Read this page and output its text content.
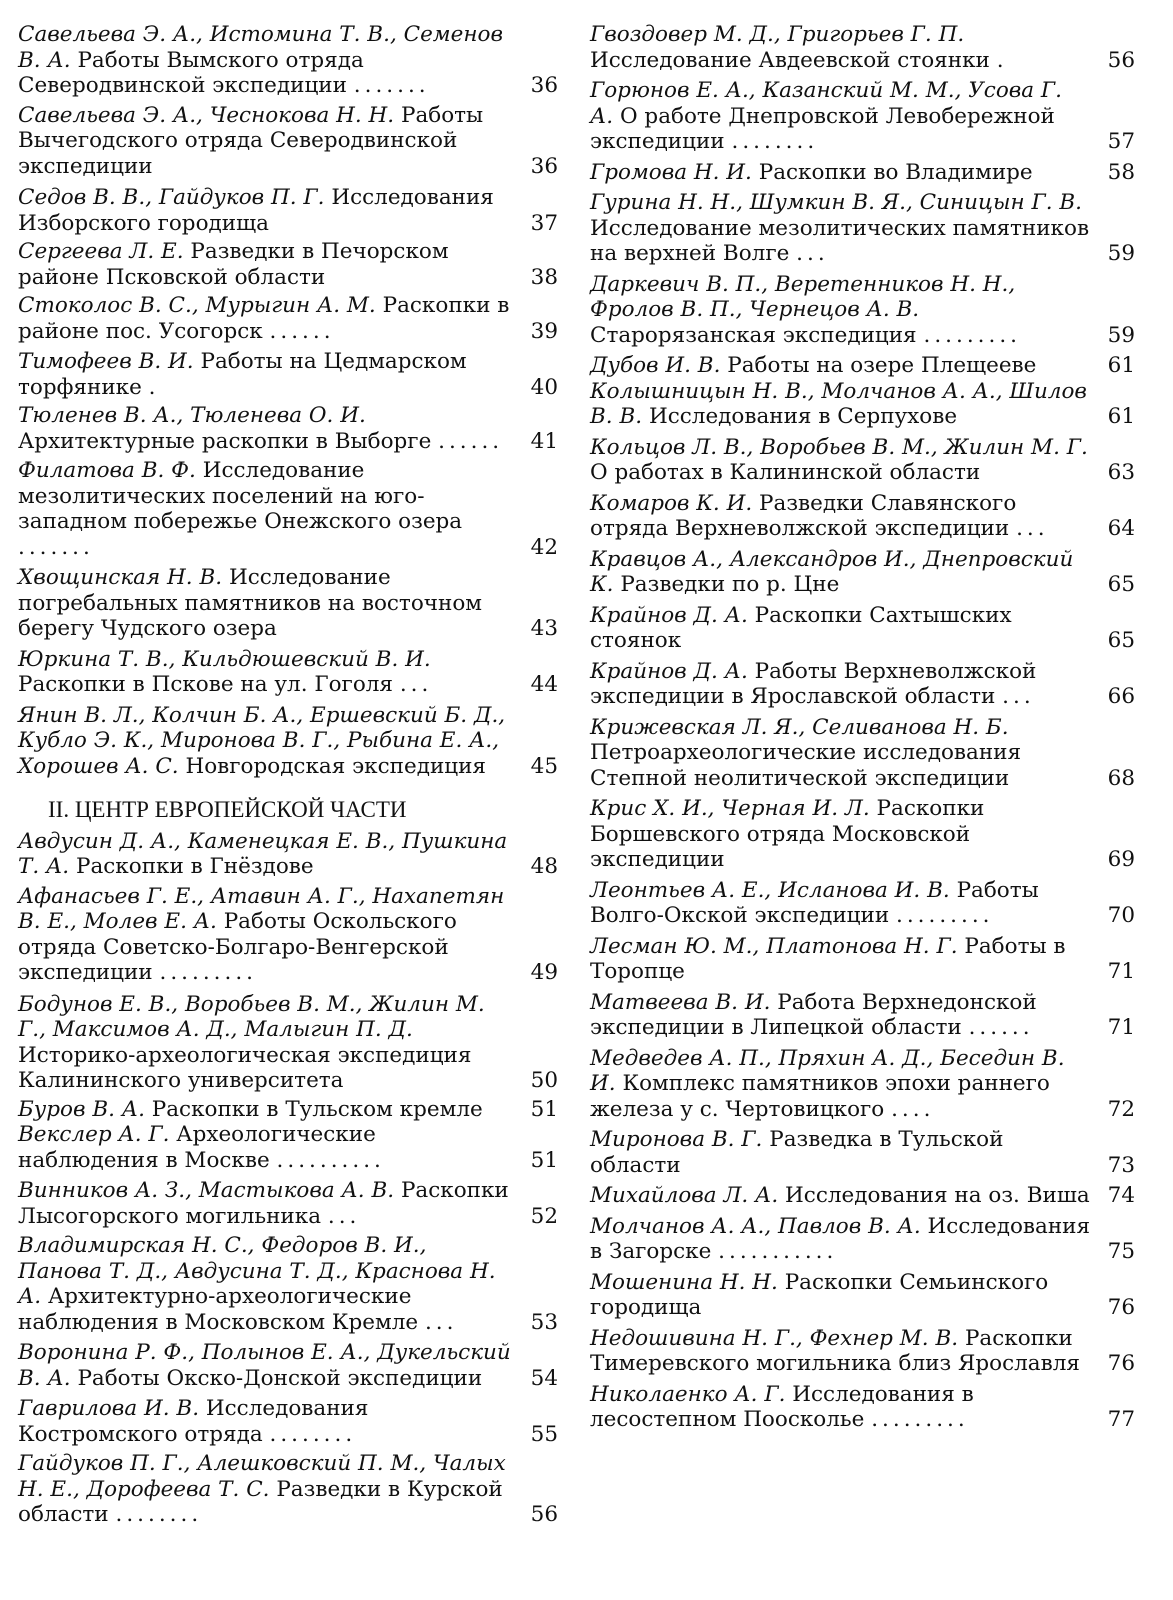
Савельева Э. А., Истомина Т. В., Семенов В. А. Работы Вымского отряда Северодвинской экспедиции .......	36
Савельева Э. А., Чеснокова Н. Н. Работы Вычегодского отряда Северодвинской экспедиции	36
Седов В. В., Гайдуков П. Г. Исследования Изборского городища	37
Сергеева Л. Е. Разведки в Печорском районе Псковской области	38
Стоколос В. С., Мурыгин А. М. Раскопки в районе пос. Усогорск ......	39
Тимофеев В. И. Работы на Цедмарском торфянике .	40
Тюленев В. А., Тюленева О. И. Архитектурные раскопки в Выборге ......	41
Филатова В. Ф. Исследование мезолитических поселений на юго-западном побережье Онежского озера .......	42
Хвощинская Н. В. Исследование погребальных памятников на восточном берегу Чудского озера	43
Юркина Т. В., Кильдюшевский В. И. Раскопки в Пскове на ул. Гоголя ...	44
Янин В. Л., Колчин Б. А., Ершевский Б. Д., Кубло Э. К., Миронова В. Г., Рыбина Е. А., Хорошев А. С. Новгородская экспедиция	45
II. ЦЕНТР ЕВРОПЕЙСКОЙ ЧАСТИ
Авдусин Д. А., Каменецкая Е. В., Пушкина Т. А. Раскопки в Гнёздове	48
Афанасьев Г. Е., Атавин А. Г., Нахапетян В. Е., Молев Е. А. Работы Оскольского отряда Советско-Болгаро-Венгерской экспедиции .........	49
Бодунов Е. В., Воробьев В. М., Жилин М. Г., Максимов А. Д., Малыгин П. Д. Историко-археологическая экспедиция Калининского университета	50
Буров В. А. Раскопки в Тульском кремле	51
Векслер А. Г. Археологические наблюдения в Москве ..........	51
Винников А. З., Мастыкова А. В. Раскопки Лысогорского могильника ...	52
Владимирская Н. С., Федоров В. И., Панова Т. Д., Авдусина Т. Д., Краснова Н. А. Архитектурно-археологические наблюдения в Московском Кремле ...	53
Воронина Р. Ф., Полынов Е. А., Дукельский В. А. Работы Окско-Донской экспедиции	54
Гаврилова И. В. Исследования Костромского отряда ........	55
Гайдуков П. Г., Алешковский П. М., Чалых Н. Е., Дорофеева Т. С. Разведки в Курской области ........	56
Гвоздовер М. Д., Григорьев Г. П. Исследование Авдеевской стоянки .	56
Горюнов Е. А., Казанский М. М., Усова Г. А. О работе Днепровской Левобережной экспедиции ........	57
Громова Н. И. Раскопки во Владимире	58
Гурина Н. Н., Шумкин В. Я., Синицын Г. В. Исследование мезолитических памятников на верхней Волге ...	59
Даркевич В. П., Веретенников Н. Н., Фролов В. П., Чернецов А. В. Старорязанская экспедиция .........	59
Дубов И. В. Работы на озере Плещееве	61
Колышницын Н. В., Молчанов А. А., Шилов В. В. Исследования в Серпухове	61
Кольцов Л. В., Воробьев В. М., Жилин М. Г. О работах в Калининской области	63
Комаров К. И. Разведки Славянского отряда Верхневолжской экспедиции ...	64
Кравцов А., Александров И., Днепровский К. Разведки по р. Цне	65
Крайнов Д. А. Раскопки Сахтышских стоянок	65
Крайнов Д. А. Работы Верхневолжской экспедиции в Ярославской области ...	66
Крижевская Л. Я., Селиванова Н. Б. Петроархеологические исследования Степной неолитической экспедиции	68
Крис Х. И., Черная И. Л. Раскопки Боршевского отряда Московской экспедиции	69
Леонтьев А. Е., Исланова И. В. Работы Волго-Окской экспедиции .........	70
Лесман Ю. М., Платонова Н. Г. Работы в Торопце	71
Матвеева В. И. Работа Верхнедонской экспедиции в Липецкой области ......	71
Медведев А. П., Пряхин А. Д., Беседин В. И. Комплекс памятников эпохи раннего железа у с. Чертовицкого ....	72
Миронова В. Г. Разведка в Тульской области	73
Михайлова Л. А. Исследования на оз. Виша 74
Молчанов А. А., Павлов В. А. Исследования в Загорске ...........	75
Мошенина Н. Н. Раскопки Семьинского городища	76
Недошивина Н. Г., Фехнер М. В. Раскопки Тимеревского могильника близ Ярославля	76
Николаенко А. Г. Исследования в лесостепном Поосколье .........	77
